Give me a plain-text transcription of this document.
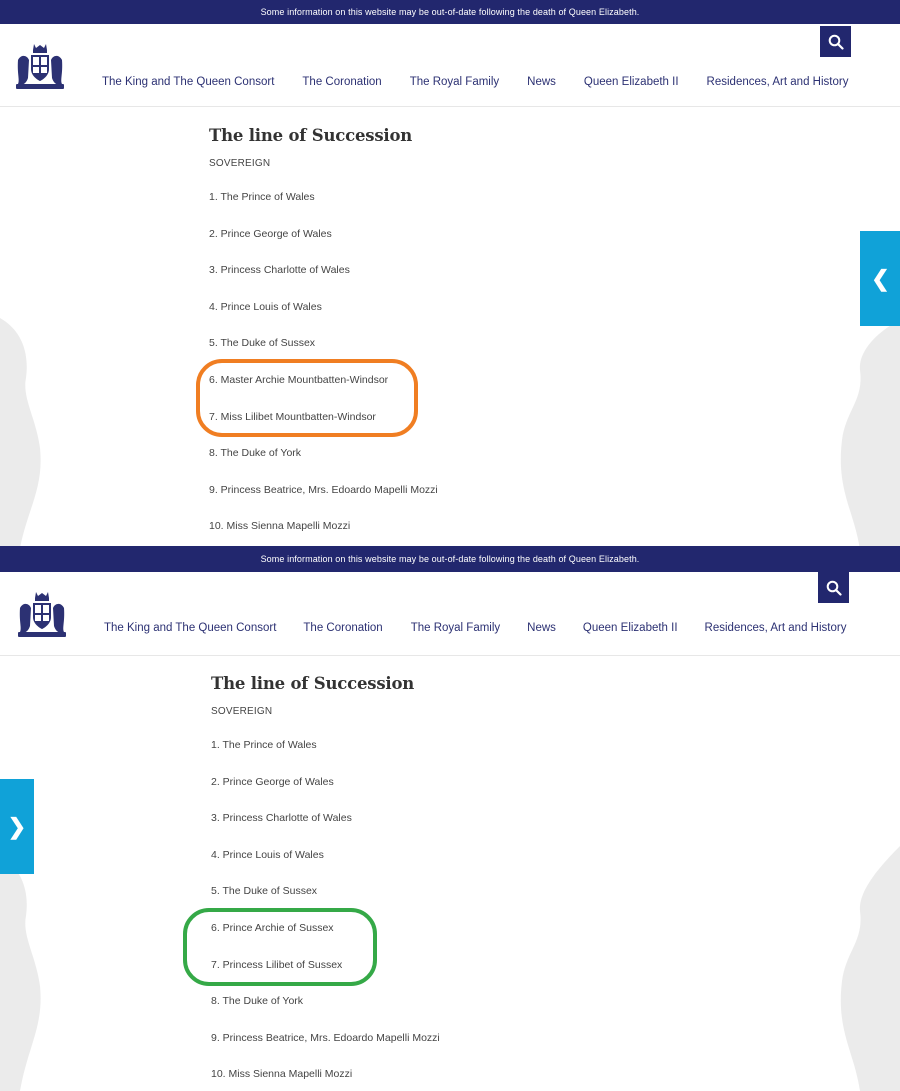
Some information on this website may be out-of-date following the death of Queen Elizabeth.
The King and The Queen Consort The Coronation The Royal Family News Queen Elizabeth II Residences, Art and History
The line of Succession
SOVEREIGN
1. The Prince of Wales
2. Prince George of Wales
3. Princess Charlotte of Wales
4. Prince Louis of Wales
5. The Duke of Sussex
6. Master Archie Mountbatten-Windsor
7. Miss Lilibet Mountbatten-Windsor
8. The Duke of York
9. Princess Beatrice, Mrs. Edoardo Mapelli Mozzi
10. Miss Sienna Mapelli Mozzi
❮
Some information on this website may be out-of-date following the death of Queen Elizabeth.
The King and The Queen Consort The Coronation The Royal Family News Queen Elizabeth II Residences, Art and History
The line of Succession
SOVEREIGN
1. The Prince of Wales
2. Prince George of Wales
3. Princess Charlotte of Wales
4. Prince Louis of Wales
5. The Duke of Sussex
6. Prince Archie of Sussex
7. Princess Lilibet of Sussex
8. The Duke of York
9. Princess Beatrice, Mrs. Edoardo Mapelli Mozzi
10. Miss Sienna Mapelli Mozzi
❯
